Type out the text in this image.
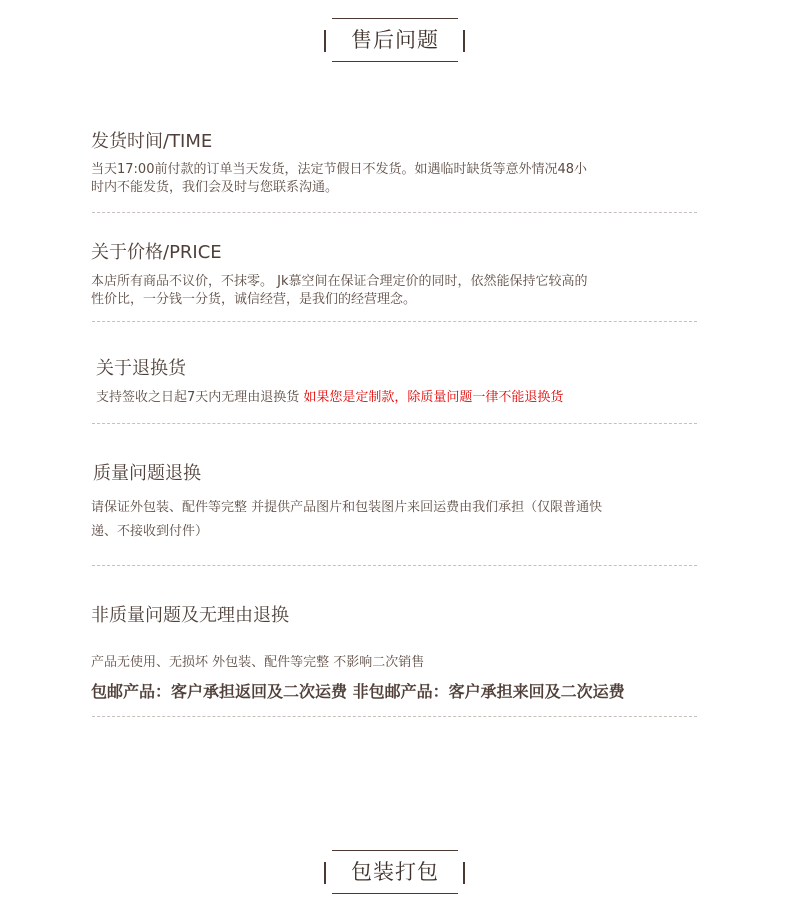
售后问题
发货时间/TIME
当天17:00前付款的订单当天发货，法定节假日不发货。如遇临时缺货等意外情况48小
时内不能发货，我们会及时与您联系沟通。
关于价格/PRICE
本店所有商品不议价，不抹零。 Jk慕空间在保证合理定价的同时，依然能保持它较高的
性价比，一分钱一分货，诚信经营，是我们的经营理念。
关于退换货
支持签收之日起7天内无理由退换货 如果您是定制款，除质量问题一律不能退换货
质量问题退换
请保证外包装、配件等完整 并提供产品图片和包装图片来回运费由我们承担（仅限普通快
递、不接收到付件）
非质量问题及无理由退换
产品无使用、无损坏 外包装、配件等完整 不影响二次销售
包邮产品：客户承担返回及二次运费 非包邮产品：客户承担来回及二次运费
包装打包
